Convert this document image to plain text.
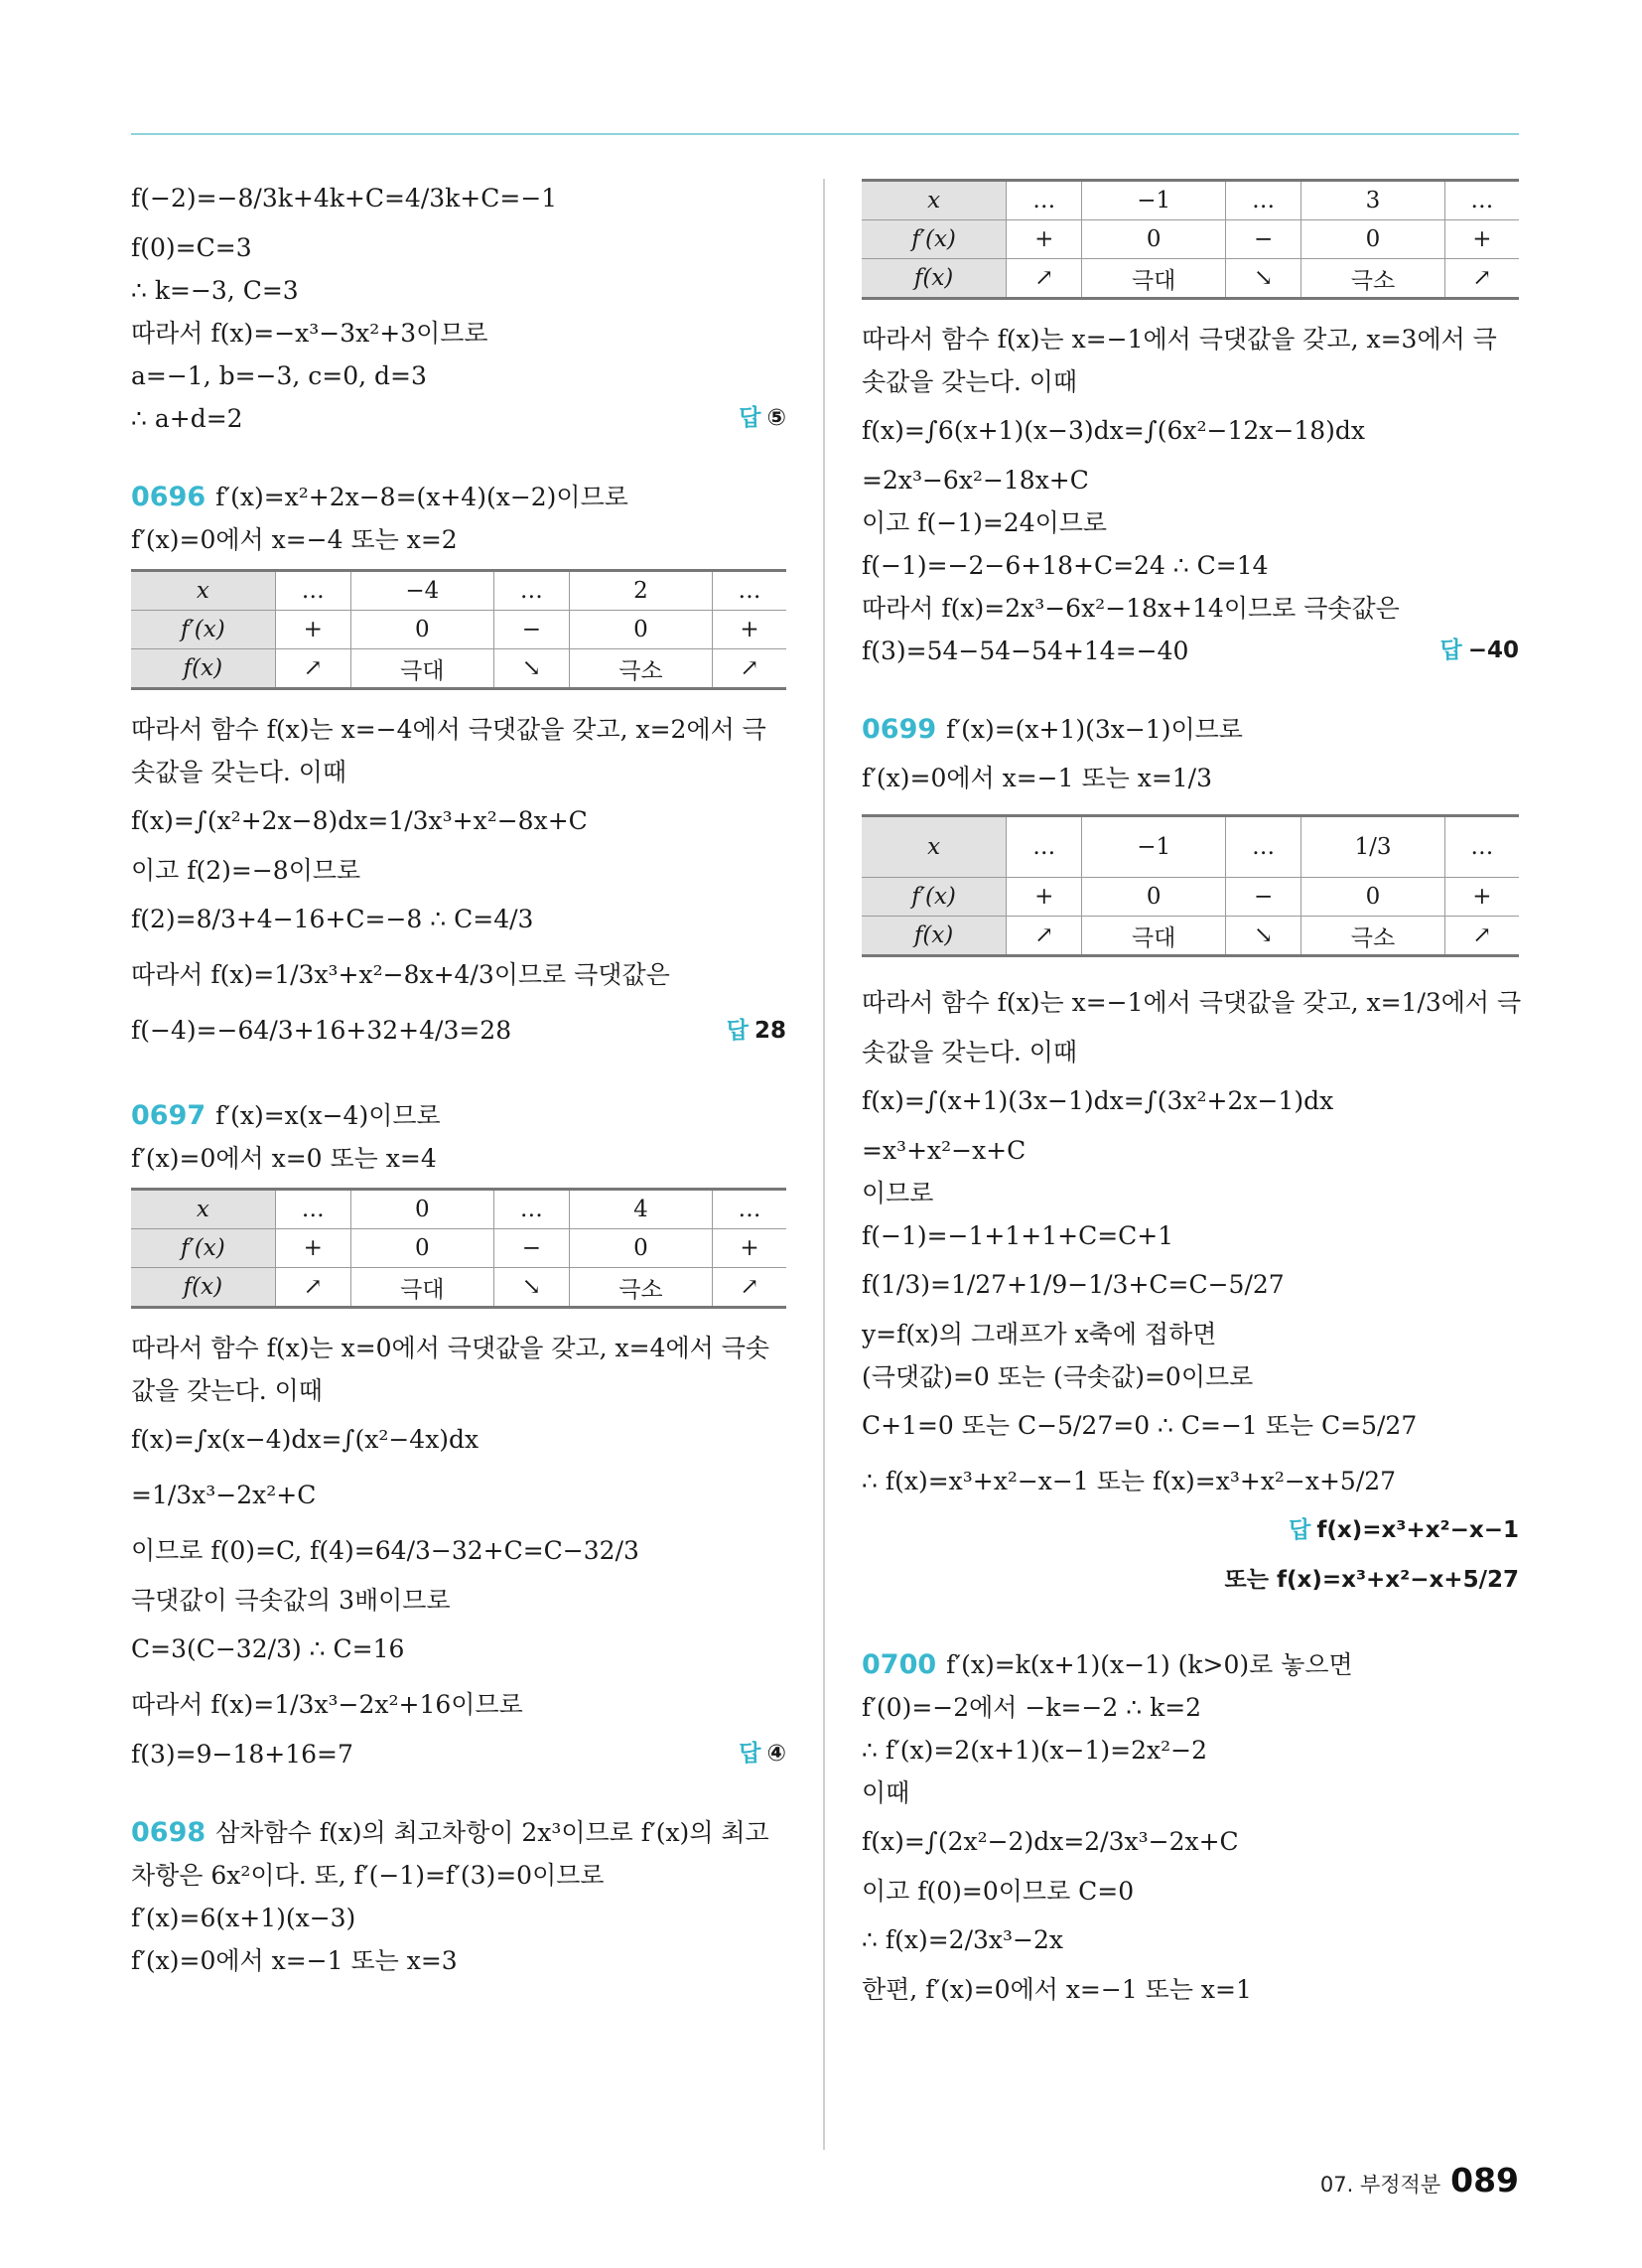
f(−2)=−8/3k+4k+C=4/3k+C=−1
f(0)=C=3
∴ k=−3, C=3
따라서 f(x)=−x³−3x²+3이므로
a=−1, b=−3, c=0, d=3
∴ a+d=2	답 ⑤
0696 f′(x)=x²+2x−8=(x+4)(x−2)이므로
f′(x)=0에서 x=−4 또는 x=2
x	…	−4	…	2	…
f′(x)	+	0	−	0	+
f(x)	↗	극대	↘	극소	↗
따라서 함수 f(x)는 x=−4에서 극댓값을 갖고, x=2에서 극
솟값을 갖는다. 이때
f(x)=∫(x²+2x−8)dx=1/3x³+x²−8x+C
이고 f(2)=−8이므로
f(2)=8/3+4−16+C=−8 ∴ C=4/3
따라서 f(x)=1/3x³+x²−8x+4/3이므로 극댓값은
f(−4)=−64/3+16+32+4/3=28	답 28
0697 f′(x)=x(x−4)이므로
f′(x)=0에서 x=0 또는 x=4
x	…	0	…	4	…
f′(x)	+	0	−	0	+
f(x)	↗	극대	↘	극소	↗
따라서 함수 f(x)는 x=0에서 극댓값을 갖고, x=4에서 극솟
값을 갖는다. 이때
f(x)=∫x(x−4)dx=∫(x²−4x)dx
=1/3x³−2x²+C
이므로 f(0)=C, f(4)=64/3−32+C=C−32/3
극댓값이 극솟값의 3배이므로
C=3(C−32/3) ∴ C=16
따라서 f(x)=1/3x³−2x²+16이므로
f(3)=9−18+16=7	답 ④
0698 삼차함수 f(x)의 최고차항이 2x³이므로 f′(x)의 최고
차항은 6x²이다. 또, f′(−1)=f′(3)=0이므로
f′(x)=6(x+1)(x−3)
f′(x)=0에서 x=−1 또는 x=3
x	…	−1	…	3	…
f′(x)	+	0	−	0	+
f(x)	↗	극대	↘	극소	↗
따라서 함수 f(x)는 x=−1에서 극댓값을 갖고, x=3에서 극
솟값을 갖는다. 이때
f(x)=∫6(x+1)(x−3)dx=∫(6x²−12x−18)dx
=2x³−6x²−18x+C
이고 f(−1)=24이므로
f(−1)=−2−6+18+C=24 ∴ C=14
따라서 f(x)=2x³−6x²−18x+14이므로 극솟값은
f(3)=54−54−54+14=−40	답 −40
0699 f′(x)=(x+1)(3x−1)이므로
f′(x)=0에서 x=−1 또는 x=1/3
x	…	−1	…	1/3	…
f′(x)	+	0	−	0	+
f(x)	↗	극대	↘	극소	↗
따라서 함수 f(x)는 x=−1에서 극댓값을 갖고, x=1/3에서 극
솟값을 갖는다. 이때
f(x)=∫(x+1)(3x−1)dx=∫(3x²+2x−1)dx
=x³+x²−x+C
이므로
f(−1)=−1+1+1+C=C+1
f(1/3)=1/27+1/9−1/3+C=C−5/27
y=f(x)의 그래프가 x축에 접하면
(극댓값)=0 또는 (극솟값)=0이므로
C+1=0 또는 C−5/27=0 ∴ C=−1 또는 C=5/27
∴ f(x)=x³+x²−x−1 또는 f(x)=x³+x²−x+5/27
답 f(x)=x³+x²−x−1
또는 f(x)=x³+x²−x+5/27
0700 f′(x)=k(x+1)(x−1) (k>0)로 놓으면
f′(0)=−2에서 −k=−2 ∴ k=2
∴ f′(x)=2(x+1)(x−1)=2x²−2
이때
f(x)=∫(2x²−2)dx=2/3x³−2x+C
이고 f(0)=0이므로 C=0
∴ f(x)=2/3x³−2x
한편, f′(x)=0에서 x=−1 또는 x=1
07. 부정적분 089
